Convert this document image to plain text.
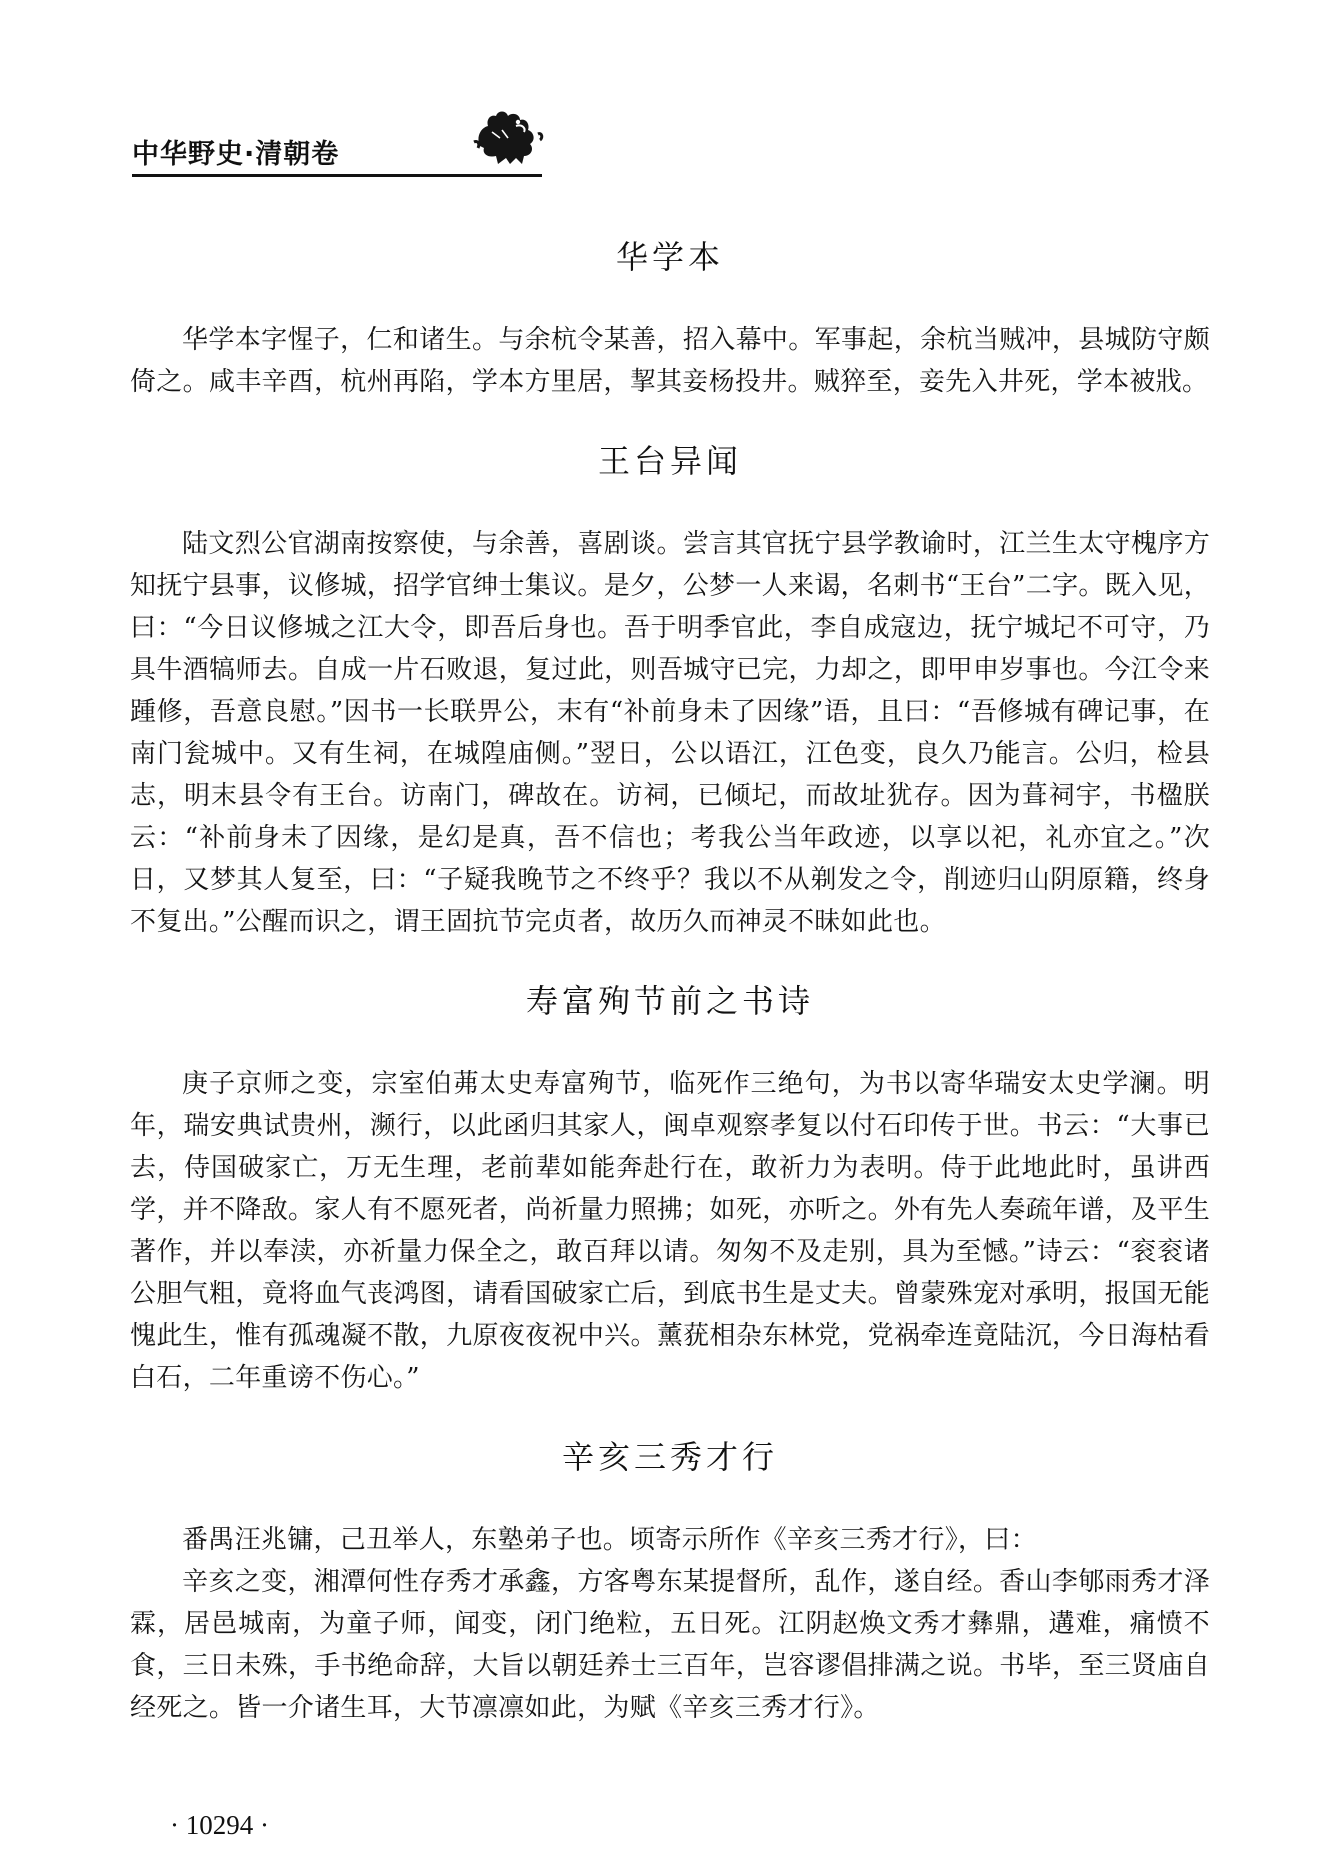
中华野史·清朝卷
华学本

华学本字惺子，仁和诸生。与余杭令某善，招入幕中。军事起，余杭当贼冲，县城防守颇倚之。咸丰辛酉，杭州再陷，学本方里居，挈其妾杨投井。贼猝至，妾先入井死，学本被戕。

王台异闻

陆文烈公官湖南按察使，与余善，喜剧谈。尝言其官抚宁县学教谕时，江兰生太守槐序方知抚宁县事，议修城，招学官绅士集议。是夕，公梦一人来谒，名刺书“王台”二字。既入见，曰：“今日议修城之江大令，即吾后身也。吾于明季官此，李自成寇边，抚宁城圮不可守，乃具牛酒犒师去。自成一片石败退，复过此，则吾城守已完，力却之，即甲申岁事也。今江令来踵修，吾意良慰。”因书一长联畀公，末有“补前身未了因缘”语，且曰：“吾修城有碑记事，在南门瓮城中。又有生祠，在城隍庙侧。”翌日，公以语江，江色变，良久乃能言。公归，检县志，明末县令有王台。访南门，碑故在。访祠，已倾圮，而故址犹存。因为葺祠宇，书楹朕云：“补前身未了因缘，是幻是真，吾不信也；考我公当年政迹，以享以祀，礼亦宜之。”次日，又梦其人复至，曰：“子疑我晚节之不终乎？我以不从剃发之令，削迹归山阴原籍，终身不复出。”公醒而识之，谓王固抗节完贞者，故历久而神灵不昧如此也。

寿富殉节前之书诗

庚子京师之变，宗室伯茀太史寿富殉节，临死作三绝句，为书以寄华瑞安太史学澜。明年，瑞安典试贵州，濒行，以此函归其家人，闽卓观察孝复以付石印传于世。书云：“大事已去，侍国破家亡，万无生理，老前辈如能奔赴行在，敢祈力为表明。侍于此地此时，虽讲西学，并不降敌。家人有不愿死者，尚祈量力照拂；如死，亦听之。外有先人奏疏年谱，及平生著作，并以奉渎，亦祈量力保全之，敢百拜以请。匆匆不及走别，具为至憾。”诗云：“衮衮诸公胆气粗，竟将血气丧鸿图，请看国破家亡后，到底书生是丈夫。曾蒙殊宠对承明，报国无能愧此生，惟有孤魂凝不散，九原夜夜祝中兴。薰莸相杂东林党，党祸牵连竟陆沉，今日海枯看白石，二年重谤不伤心。”

辛亥三秀才行

番禺汪兆镛，己丑举人，东塾弟子也。顷寄示所作《辛亥三秀才行》，曰：

辛亥之变，湘潭何性存秀才承鑫，方客粤东某提督所，乱作，遂自经。香山李郇雨秀才泽霖，居邑城南，为童子师，闻变，闭门绝粒，五日死。江阴赵焕文秀才彝鼎，遘难，痛愤不食，三日未殊，手书绝命辞，大旨以朝廷养士三百年，岂容谬倡排满之说。书毕，至三贤庙自经死之。皆一介诸生耳，大节凛凛如此，为赋《辛亥三秀才行》。

· 10294 ·
